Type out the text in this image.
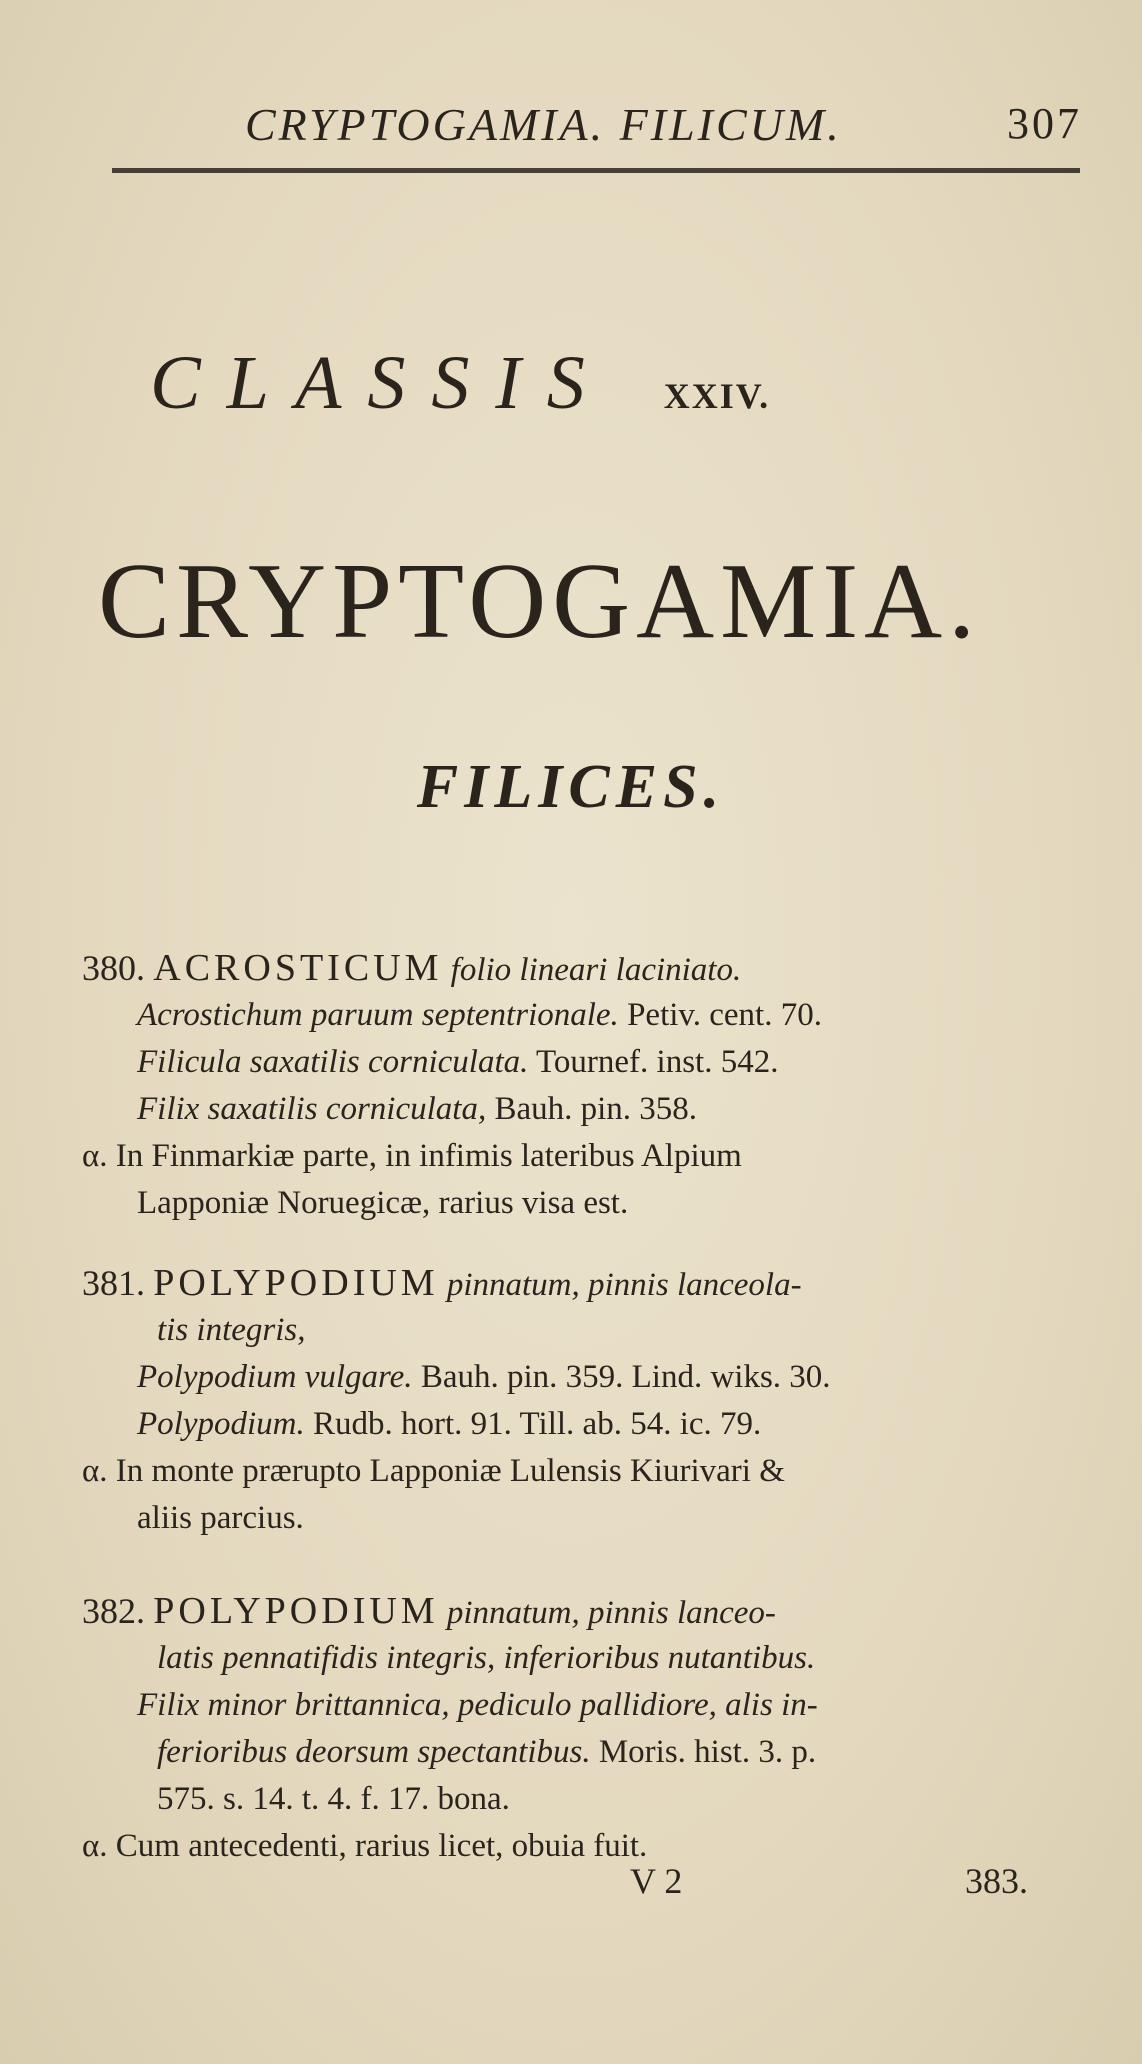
CRYPTOGAMIA. FILICUM.	307
CLASSIS XXIV.
CRYPTOGAMIA.
FILICES.
380. ACROSTICUM folio lineari laciniato.
Acrostichum paruum septentrionale. Petiv. cent. 70.
Filicula saxatilis corniculata. Tournef. inst. 542.
Filix saxatilis corniculata, Bauh. pin. 358.
α. In Finmarkiæ parte, in infimis lateribus Alpium
Lapponiæ Noruegicæ, rarius visa est.
381. POLYPODIUM pinnatum, pinnis lanceola-
tis integris,
Polypodium vulgare. Bauh. pin. 359. Lind. wiks. 30.
Polypodium. Rudb. hort. 91. Till. ab. 54. ic. 79.
α. In monte prærupto Lapponiæ Lulensis Kiurivari &
aliis parcius.
382. POLYPODIUM pinnatum, pinnis lanceo-
latis pennatifidis integris, inferioribus nutantibus.
Filix minor brittannica, pediculo pallidiore, alis in-
ferioribus deorsum spectantibus. Moris. hist. 3. p.
575. s. 14. t. 4. f. 17. bona.
α. Cum antecedenti, rarius licet, obuia fuit.
V 2	383.
